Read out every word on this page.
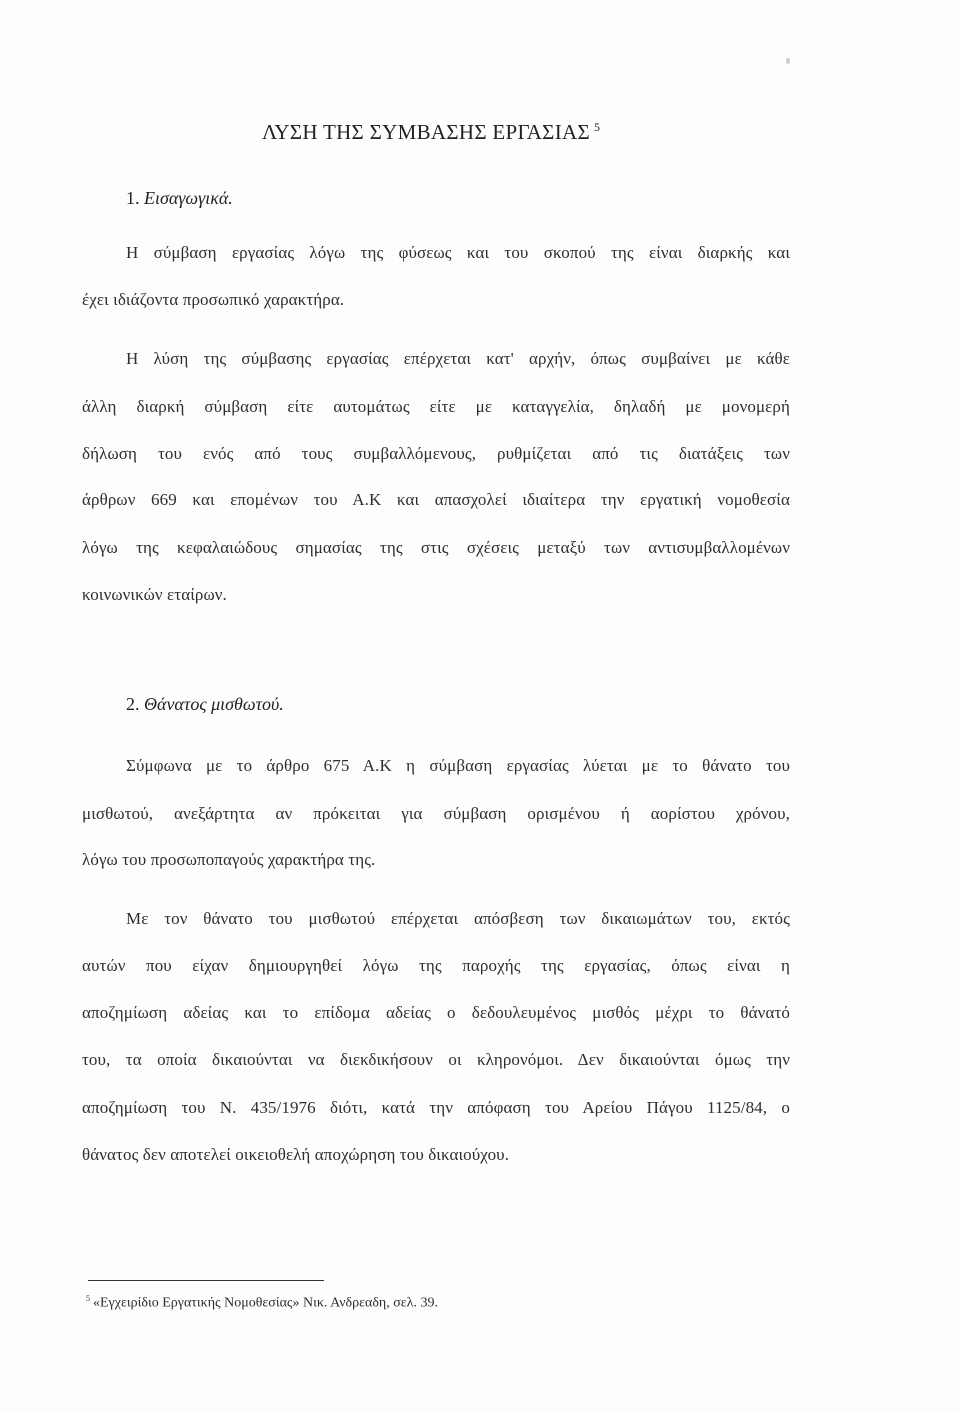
ΛΥΣΗ ΤΗΣ ΣΥΜΒΑΣΗΣ ΕΡΓΑΣΙΑΣ $^5$
1. Εισαγωγικά.
Η σύμβαση εργασίας λόγω της φύσεως και του σκοπού της είναι διαρκής και
έχει ιδιάζοντα προσωπικό χαρακτήρα.
Η λύση της σύμβασης εργασίας επέρχεται κατ' αρχήν, όπως συμβαίνει με κάθε
άλλη διαρκή σύμβαση είτε αυτομάτως είτε με καταγγελία, δηλαδή με μονομερή
δήλωση του ενός από τους συμβαλλόμενους, ρυθμίζεται από τις διατάξεις των
άρθρων 669 και επομένων του Α.Κ και απασχολεί ιδιαίτερα την εργατική νομοθεσία
λόγω της κεφαλαιώδους σημασίας της στις σχέσεις μεταξύ των αντισυμβαλλομένων
κοινωνικών εταίρων.
2. Θάνατος μισθωτού.
Σύμφωνα με το άρθρο 675 Α.Κ η σύμβαση εργασίας λύεται με το θάνατο του
μισθωτού, ανεξάρτητα αν πρόκειται για σύμβαση ορισμένου ή αορίστου χρόνου,
λόγω του προσωποπαγούς χαρακτήρα της.
Με τον θάνατο του μισθωτού επέρχεται απόσβεση των δικαιωμάτων του, εκτός
αυτών που είχαν δημιουργηθεί λόγω της παροχής της εργασίας, όπως είναι η
αποζημίωση αδείας και το επίδομα αδείας ο δεδουλευμένος μισθός μέχρι το θάνατό
του, τα οποία δικαιούνται να διεκδικήσουν οι κληρονόμοι. Δεν δικαιούνται όμως την
αποζημίωση του Ν. 435/1976 διότι, κατά την απόφαση του Αρείου Πάγου 1125/84, ο
θάνατος δεν αποτελεί οικειοθελή αποχώρηση του δικαιούχου.
$^5$ «Εγχειρίδιο Εργατικής Νομοθεσίας» Νικ. Ανδρεαδη, σελ. 39.
